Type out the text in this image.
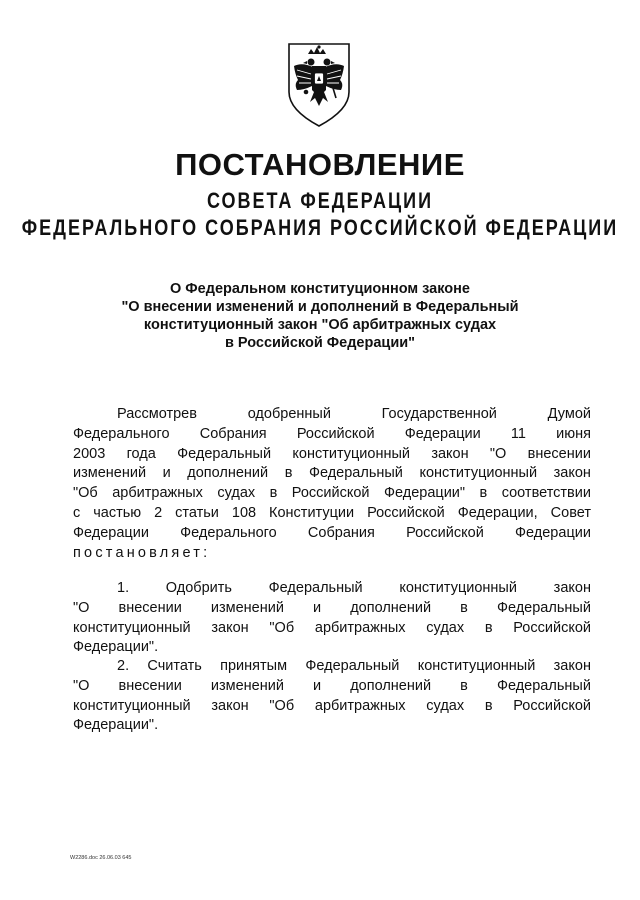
ПОСТАНОВЛЕНИЕ
СОВЕТА ФЕДЕРАЦИИ
ФЕДЕРАЛЬНОГО СОБРАНИЯ РОССИЙСКОЙ ФЕДЕРАЦИИ
О Федеральном конституционном законе
"О внесении изменений и дополнений в Федеральный
конституционный закон "Об арбитражных судах
в Российской Федерации"
Рассмотрев	одобренный	Государственной	Думой
Федерального Собрания Российской Федерации 11 июня
2003 года Федеральный конституционный закон "О внесении
изменений и дополнений в Федеральный конституционный закон
"Об арбитражных судах в Российской Федерации" в соответствии
с частью 2 статьи 108 Конституции Российской Федерации, Совет
Федерации Федерального Собрания Российской Федерации
постановляет:
1.	Одобрить	Федеральный	конституционный	закон
"О внесении изменений и дополнений в Федеральный
конституционный закон "Об арбитражных судах в Российской
Федерации".
2. Считать принятым Федеральный конституционный закон
"О внесении изменений и дополнений в Федеральный
конституционный закон "Об арбитражных судах в Российской
Федерации".
W2286.doc 26.06.03 645
